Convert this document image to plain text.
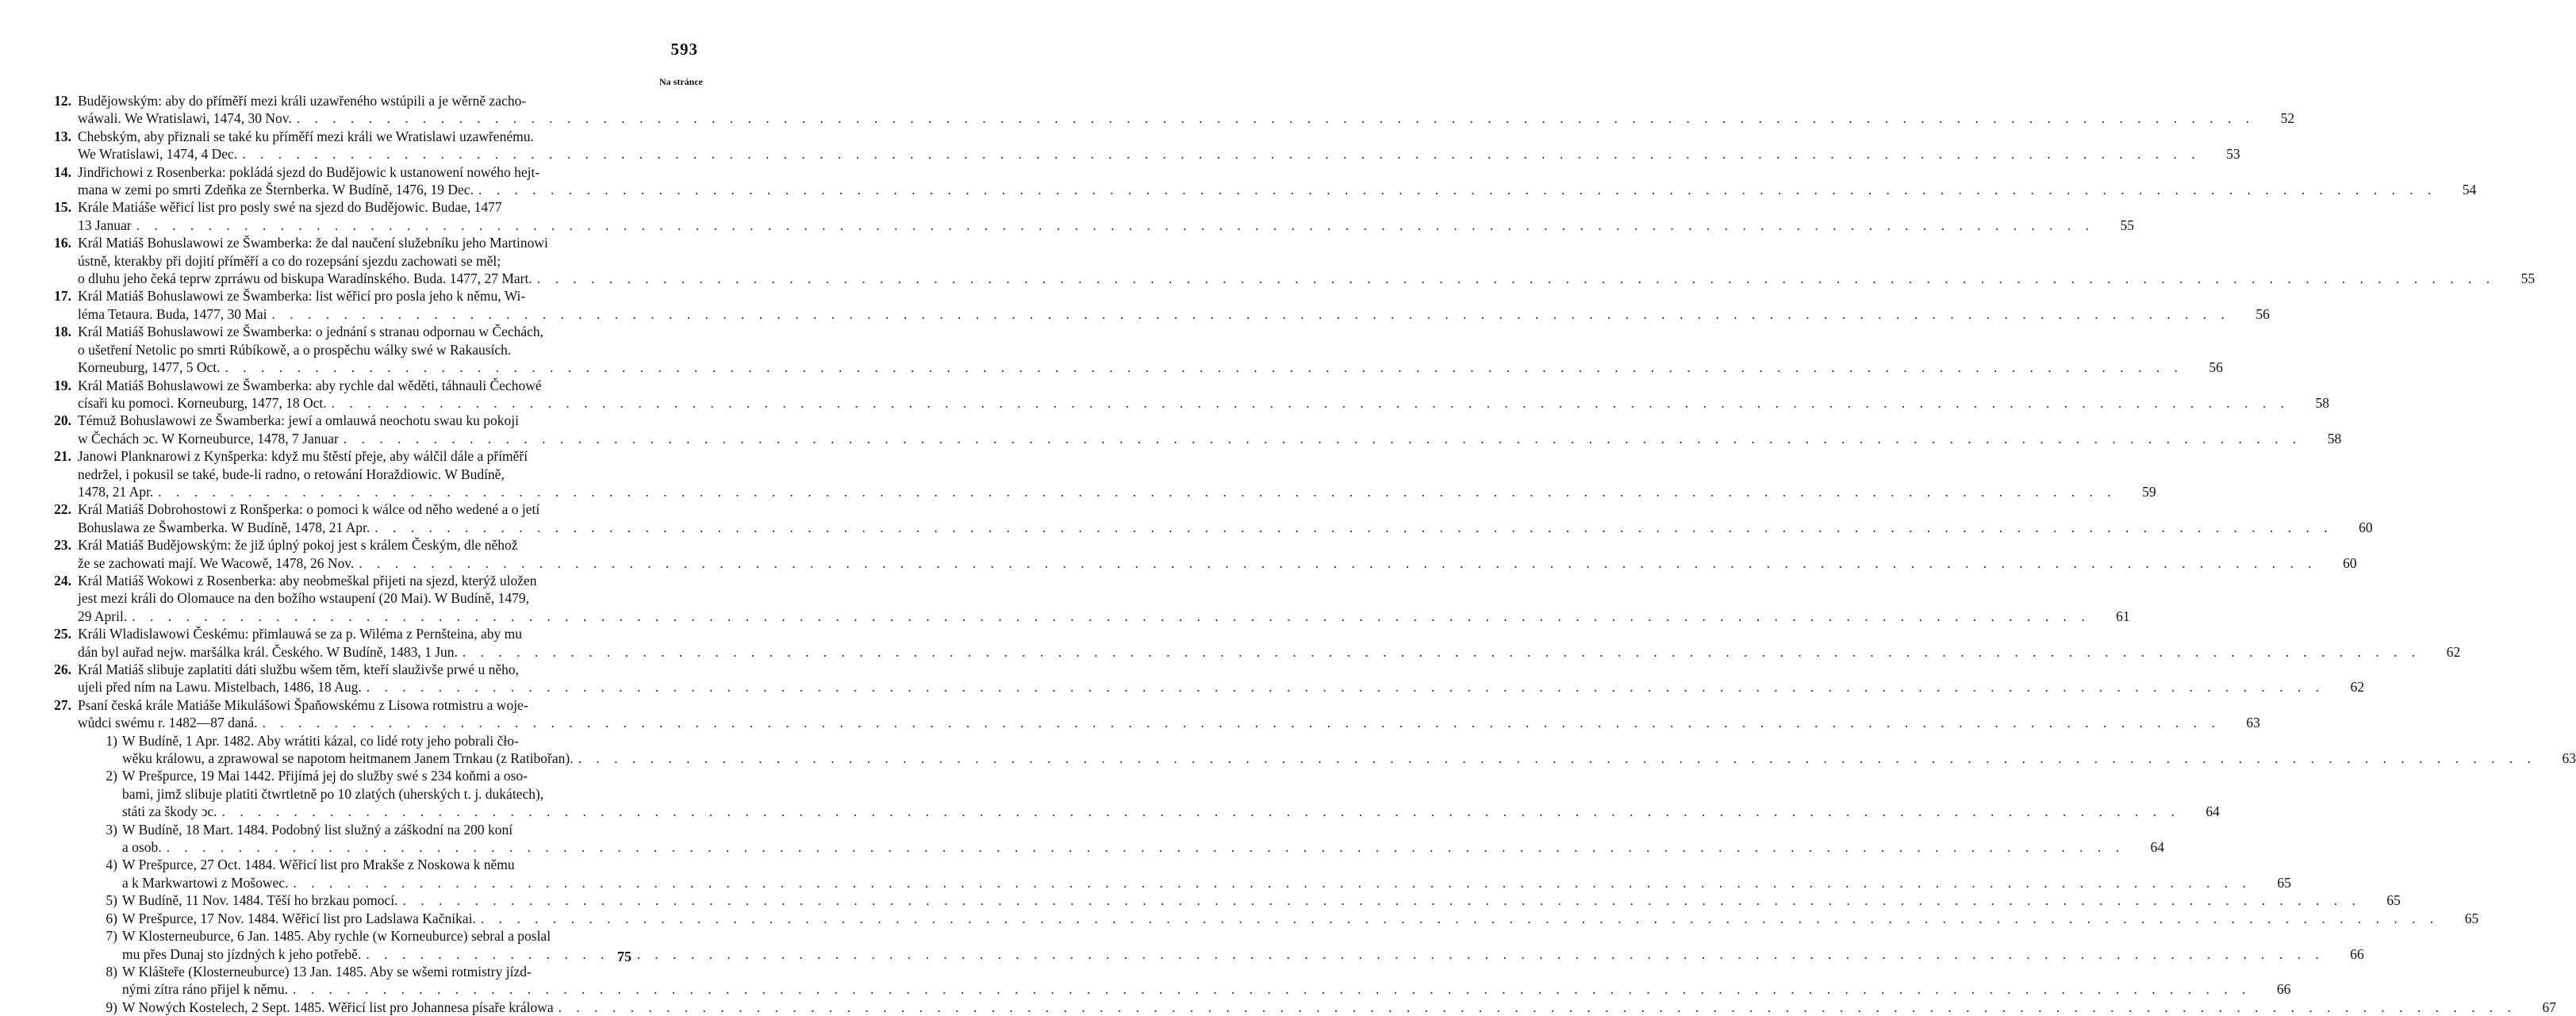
593
Na stránce
12. Budějowským: aby do příměří mezi králi uzawřeného wstúpili a je wěrně zacho-
wáwali. We Wratislawi, 1474, 30 Nov. . . .	52
13. Chebským, aby přiznali se také ku příměří mezi králi we Wratislawi uzawřenému.
We Wratislawi, 1474, 4 Dec. . . .	53
14. Jindřichowi z Rosenberka: pokládá sjezd do Budějowic k ustanowení nowého hejt-
mana w zemi po smrti Zdeňka ze Šternberka. W Budíně, 1476, 19 Dec. . . .	54
15. Krále Matiáše wěřicí list pro posly swé na sjezd do Budějowic. Budae, 1477
13 Januar . . .	55
16. Král Matiáš Bohuslawowi ze Šwamberka: že dal naučení služebníku jeho Martinowi
ústně, kterakby při dojití příměří a co do rozepsání sjezdu zachowati se měl;
o dluhu jeho čeká teprw zprráwu od biskupa Waradínského. Buda. 1477, 27 Mart. . . .	55
17. Král Matiáš Bohuslawowi ze Šwamberka: list wěřicí pro posla jeho k němu, Wi-
léma Tetaura. Buda, 1477, 30 Mai . . .	56
18. Král Matiáš Bohuslawowi ze Šwamberka: o jednání s stranau odpornau w Čechách,
o ušetření Netolic po smrti Rúbíkowě, a o prospěchu wálky swé w Rakausích.
Korneuburg, 1477, 5 Oct. . . .	56
19. Král Matiáš Bohuslawowi ze Šwamberka: aby rychle dal wěděti, táhnauli Čechowé
císaři ku pomoci. Korneuburg, 1477, 18 Oct. . . .	58
20. Témuž Bohuslawowi ze Šwamberka: jewí a omlauwá neochotu swau ku pokoji
w Čechách ͻc. W Korneuburce, 1478, 7 Januar . . .	58
21. Janowi Planknarowi z Kynšperka: když mu štěstí přeje, aby wálčil dále a příměří
nedržel, i pokusil se také, bude-li radno, o retowání Horaždiowic. W Budíně,
1478, 21 Apr. . . .	59
22. Král Matiáš Dobrohostowi z Ronšperka: o pomoci k wálce od něho wedené a o jetí
Bohuslawa ze Šwamberka. W Budíně, 1478, 21 Apr. . . .	60
23. Král Matiáš Budějowským: že již úplný pokoj jest s králem Českým, dle něhož
že se zachowati mají. We Wacowě, 1478, 26 Nov. . . .	60
24. Král Matiáš Wokowi z Rosenberka: aby neobmeškal přijeti na sjezd, kterýž uložen
jest mezi králi do Olomauce na den božího wstaupení (20 Mai). W Budíně, 1479,
29 April. . . .	61
25. Králi Wladislawowi Českému: přimlauwá se za p. Wiléma z Pernšteina, aby mu
dán byl auřad nejw. maršálka král. Českého. W Budíně, 1483, 1 Jun. . . .	62
26. Král Matiáš slibuje zaplatiti dáti službu wšem těm, kteří slauživše prwé u něho,
ujeli před ním na Lawu. Mistelbach, 1486, 18 Aug. . . .	62
27. Psaní česká krále Matiáše Mikulášowi Špaňowskému z Lisowa rotmistru a woje-
wůdci swému r. 1482—87 daná. . . .	63
1) W Budíně, 1 Apr. 1482. Aby wrátiti kázal, co lidé roty jeho pobrali čło-
wěku králowu, a zprawowal se napotom heitmanem Janem Trnkau (z Ratibořan). . . .	63
2) W Prešpurce, 19 Mai 1442. Přijímá jej do služby swé s 234 koňmi a oso-
bami, jimž slibuje platiti čtwrtletně po 10 zlatých (uherských t. j. dukátech),
státi za škody ͻc. . . .	64
3) W Budíně, 18 Mart. 1484. Podobný list služný a záškodní na 200 koní
a osob. . . .	64
4) W Prešpurce, 27 Oct. 1484. Wěřicí list pro Mrakše z Noskowa k němu
a k Markwartowi z Mošowec. . . .	65
5) W Budíně, 11 Nov. 1484. Těší ho brzkau pomocí. . . .	65
6) W Prešpurce, 17 Nov. 1484. Wěřicí list pro Ladslawa Kačnikai. . . .	65
7) W Klosterneuburce, 6 Jan. 1485. Aby rychle (w Korneuburce) sebral a poslal
mu přes Dunaj sto jízdných k jeho potřebě. . . .	66
8) W Klášteře (Klosterneuburce) 13 Jan. 1485. Aby se wšemi rotmistry jízd-
nými zítra ráno přijel k němu. . . .	66
9) W Nowých Kostelech, 2 Sept. 1485. Wěřicí list pro Johannesa písaře králowa . . .	67
75
